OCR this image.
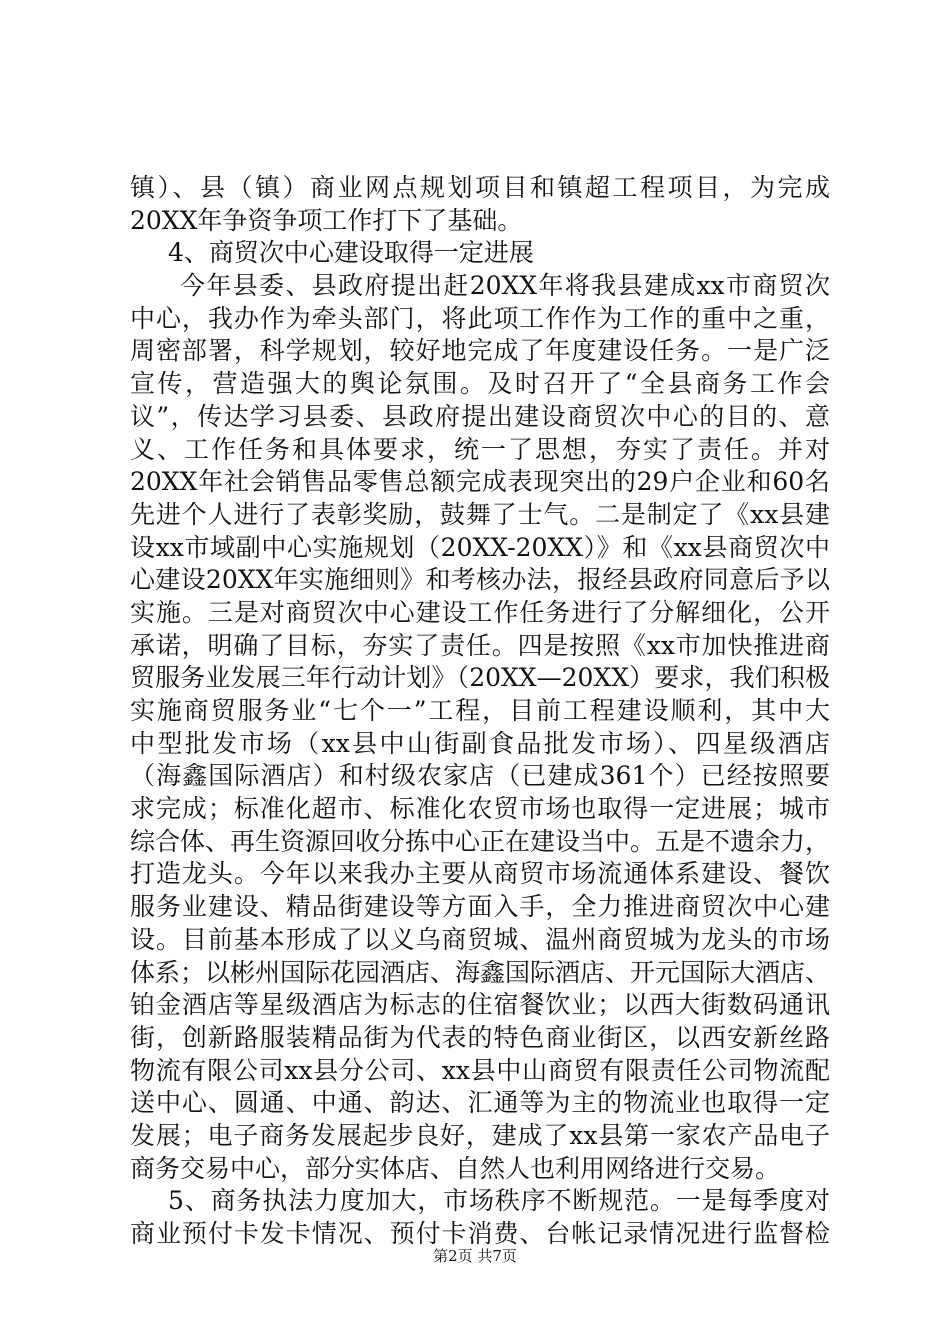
镇）、县（镇）商业网点规划项目和镇超工程项目，为完成
20XX年争资争项工作打下了基础。
4、商贸次中心建设取得一定进展
今年县委、县政府提出赶20XX年将我县建成xx市商贸次
中心，我办作为牵头部门，将此项工作作为工作的重中之重，
周密部署，科学规划，较好地完成了年度建设任务。一是广泛
宣传，营造强大的舆论氛围。及时召开了“全县商务工作会
议”，传达学习县委、县政府提出建设商贸次中心的目的、意
义、工作任务和具体要求，统一了思想，夯实了责任。并对
20XX年社会销售品零售总额完成表现突出的29户企业和60名
先进个人进行了表彰奖励，鼓舞了士气。二是制定了《xx县建
设xx市域副中心实施规划（20XX-20XX）》和《xx县商贸次中
心建设20XX年实施细则》和考核办法，报经县政府同意后予以
实施。三是对商贸次中心建设工作任务进行了分解细化，公开
承诺，明确了目标，夯实了责任。四是按照《xx市加快推进商
贸服务业发展三年行动计划》（20XX—20XX）要求，我们积极
实施商贸服务业“七个一”工程，目前工程建设顺利，其中大
中型批发市场（xx县中山街副食品批发市场）、四星级酒店
（海鑫国际酒店）和村级农家店（已建成361个）已经按照要
求完成；标准化超市、标准化农贸市场也取得一定进展；城市
综合体、再生资源回收分拣中心正在建设当中。五是不遗余力，
打造龙头。今年以来我办主要从商贸市场流通体系建设、餐饮
服务业建设、精品街建设等方面入手，全力推进商贸次中心建
设。目前基本形成了以义乌商贸城、温州商贸城为龙头的市场
体系；以彬州国际花园酒店、海鑫国际酒店、开元国际大酒店、
铂金酒店等星级酒店为标志的住宿餐饮业；以西大街数码通讯
街，创新路服装精品街为代表的特色商业街区，以西安新丝路
物流有限公司xx县分公司、xx县中山商贸有限责任公司物流配
送中心、圆通、中通、韵达、汇通等为主的物流业也取得一定
发展；电子商务发展起步良好，建成了xx县第一家农产品电子
商务交易中心，部分实体店、自然人也利用网络进行交易。
5、商务执法力度加大，市场秩序不断规范。一是每季度对
商业预付卡发卡情况、预付卡消费、台帐记录情况进行监督检
第2页 共7页
